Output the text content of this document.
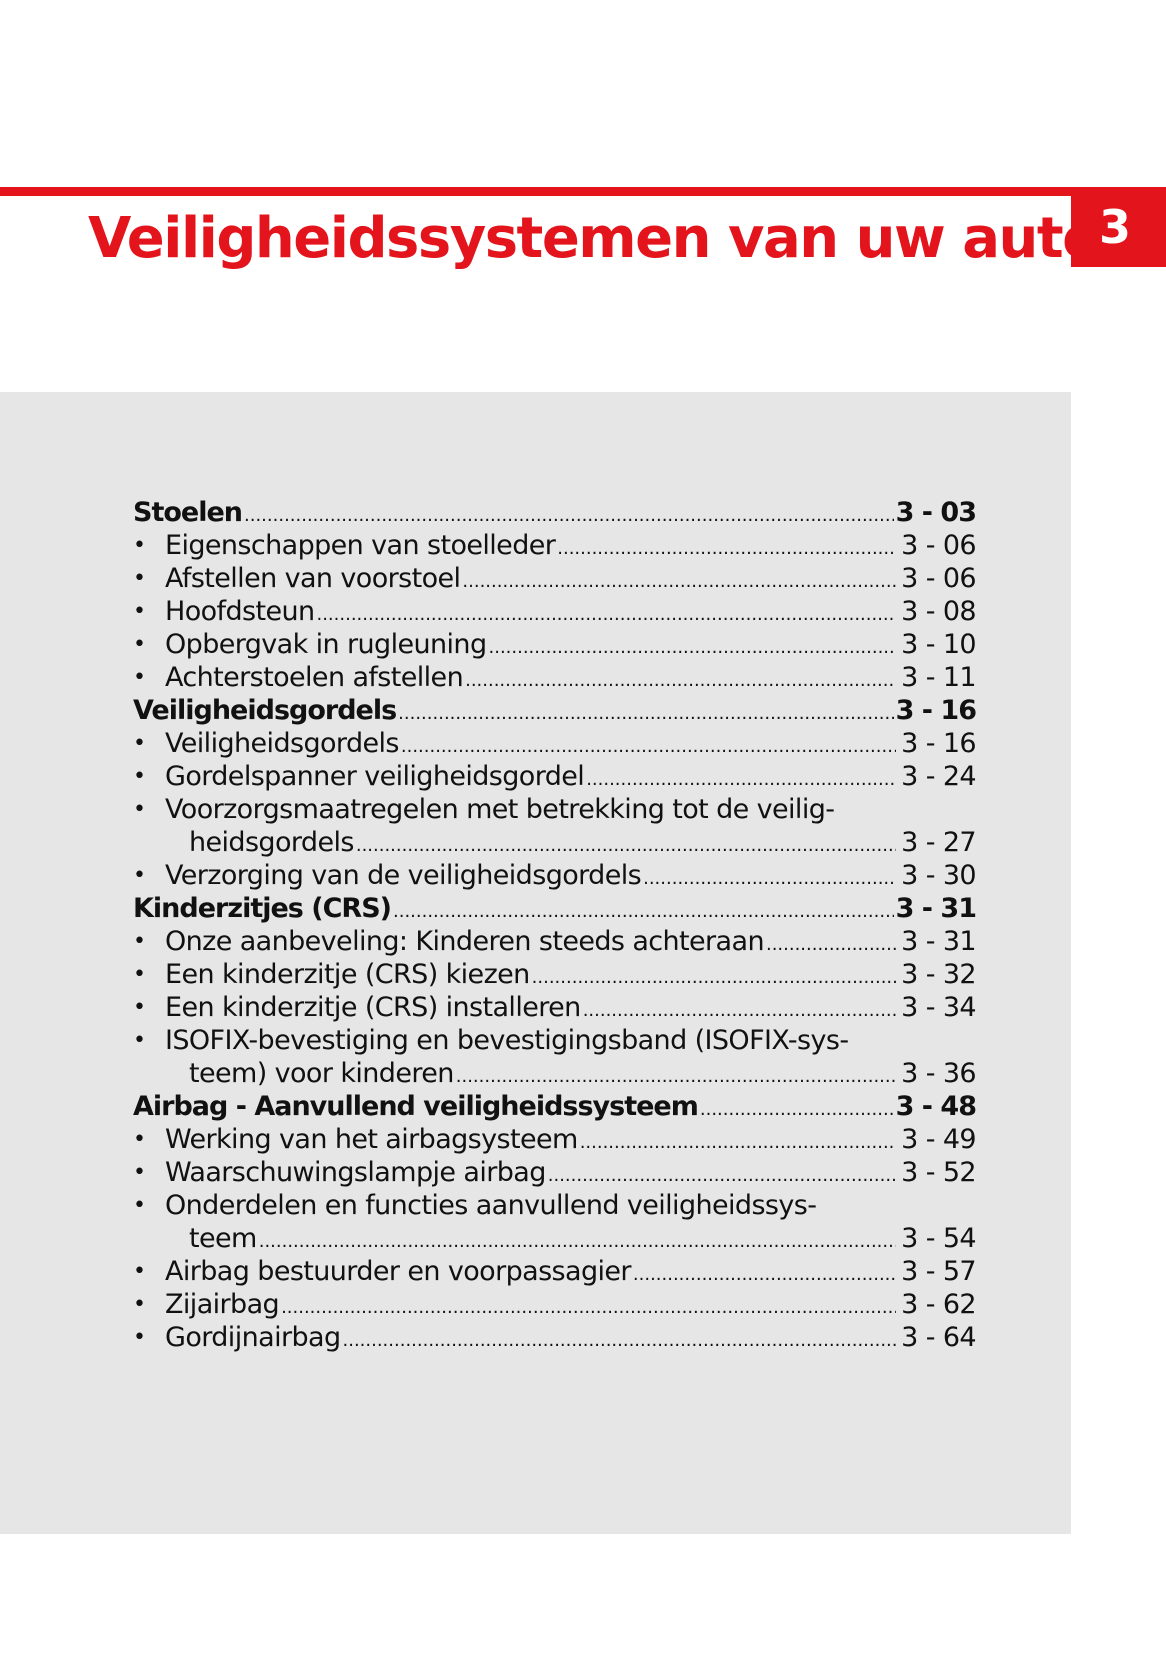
3
Veiligheidssystemen van uw auto
Stoelen .....	3 - 03
• Eigenschappen van stoelleder .....	3 - 06
• Afstellen van voorstoel .....	3 - 06
• Hoofdsteun .....	3 - 08
• Opbergvak in rugleuning .....	3 - 10
• Achterstoelen afstellen .....	3 - 11
Veiligheidsgordels .....	3 - 16
• Veiligheidsgordels .....	3 - 16
• Gordelspanner veiligheidsgordel .....	3 - 24
• Voorzorgsmaatregelen met betrekking tot de veilig-
heidsgordels .....	3 - 27
• Verzorging van de veiligheidsgordels .....	3 - 30
Kinderzitjes (CRS) .....	3 - 31
• Onze aanbeveling: Kinderen steeds achteraan .....	3 - 31
• Een kinderzitje (CRS) kiezen .....	3 - 32
• Een kinderzitje (CRS) installeren .....	3 - 34
• ISOFIX-bevestiging en bevestigingsband (ISOFIX-sys-
teem) voor kinderen .....	3 - 36
Airbag - Aanvullend veiligheidssysteem .....	3 - 48
• Werking van het airbagsysteem .....	3 - 49
• Waarschuwingslampje airbag .....	3 - 52
• Onderdelen en functies aanvullend veiligheidssys-
teem .....	3 - 54
• Airbag bestuurder en voorpassagier .....	3 - 57
• Zijairbag .....	3 - 62
• Gordijnairbag .....	3 - 64
